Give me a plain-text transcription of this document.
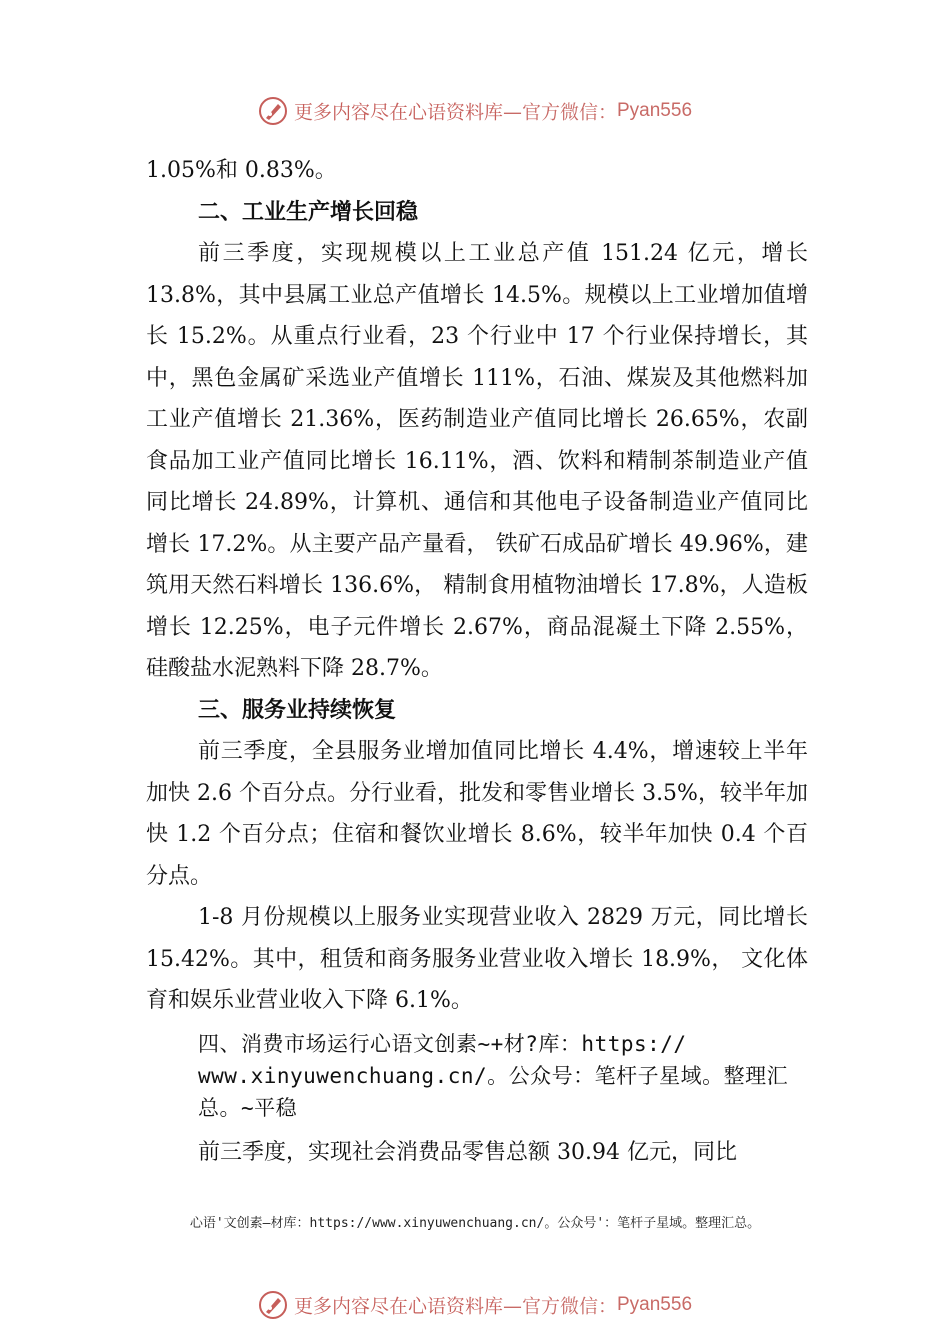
更多内容尽在心语资料库—官方微信：Pyan556

1.05%和 0.83%。

二、工业生产增长回稳

前三季度，实现规模以上工业总产值 151.24 亿元，增长 13.8%，其中县属工业总产值增长 14.5%。规模以上工业增加值增长 15.2%。从重点行业看，23 个行业中 17 个行业保持增长，其中，黑色金属矿采选业产值增长 111%，石油、煤炭及其他燃料加工业产值增长 21.36%，医药制造业产值同比增长 26.65%，农副食品加工业产值同比增长 16.11%，酒、饮料和精制茶制造业产值同比增长 24.89%，计算机、通信和其他电子设备制造业产值同比增长 17.2%。从主要产品产量看， 铁矿石成品矿增长 49.96%，建筑用天然石料增长 136.6%， 精制食用植物油增长 17.8%，人造板增长 12.25%，电子元件增长 2.67%，商品混凝土下降 2.55%，硅酸盐水泥熟料下降 28.7%。

三、服务业持续恢复

前三季度，全县服务业增加值同比增长 4.4%，增速较上半年加快 2.6 个百分点。分行业看，批发和零售业增长 3.5%，较半年加快 1.2 个百分点；住宿和餐饮业增长 8.6%，较半年加快 0.4 个百分点。

1-8 月份规模以上服务业实现营业收入 2829 万元，同比增长 15.42%。其中，租赁和商务服务业营业收入增长 18.9%， 文化体育和娱乐业营业收入下降 6.1%。

四、消费市场运行心语文创素~+材?库：https:// www.xinyuwenchuang.cn/。公众号：笔杆子星域。整理汇总。~平稳

前三季度，实现社会消费品零售总额 30.94 亿元，同比

心语'文创素—材库：https://www.xinyuwenchuang.cn/。公众号'：笔杆子星域。整理汇总。
更多内容尽在心语资料库—官方微信：Pyan556
